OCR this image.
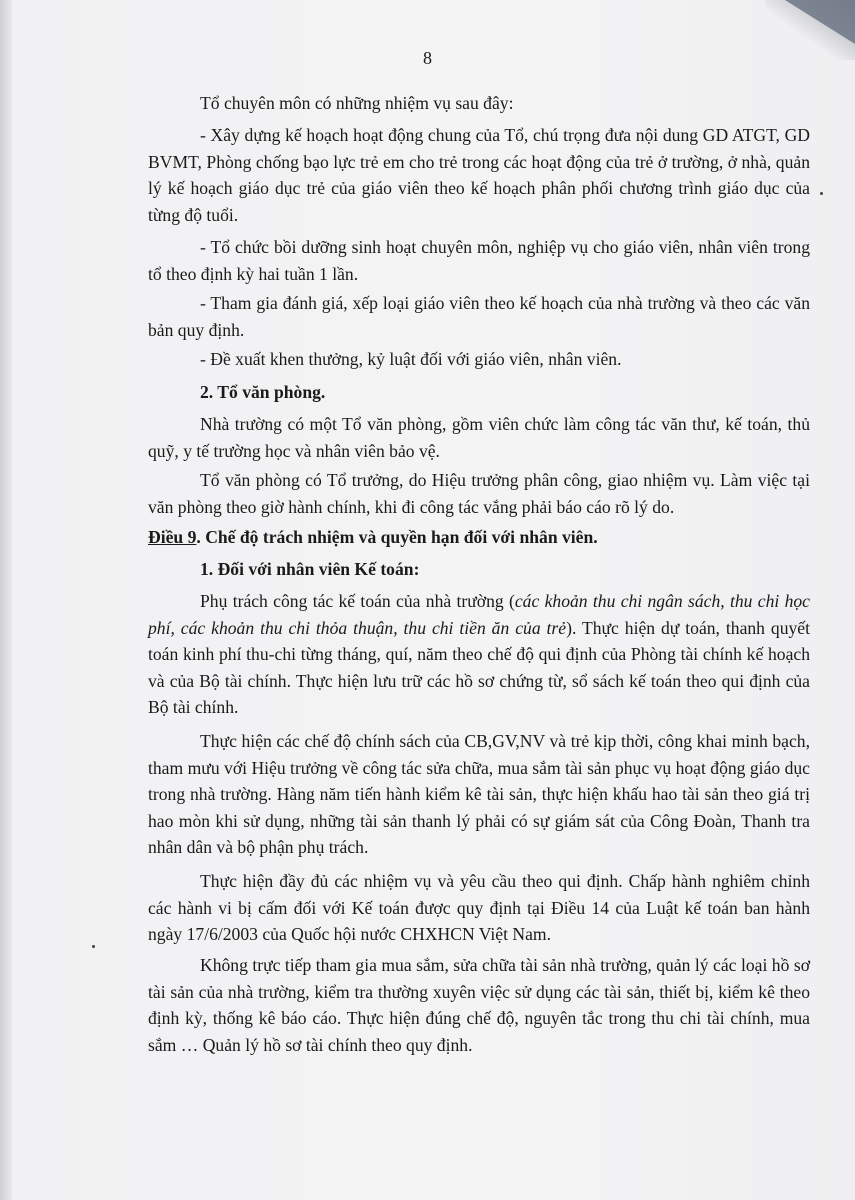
8

Tổ chuyên môn có những nhiệm vụ sau đây:

- Xây dựng kế hoạch hoạt động chung của Tổ, chú trọng đưa nội dung GD ATGT, GD BVMT, Phòng chống bạo lực trẻ em cho trẻ trong các hoạt động của trẻ ở trường, ở nhà, quản lý kế hoạch giáo dục trẻ của giáo viên theo kế hoạch phân phối chương trình giáo dục của từng độ tuổi.

- Tổ chức bồi dưỡng sinh hoạt chuyên môn, nghiệp vụ cho giáo viên, nhân viên trong tổ theo định kỳ hai tuần 1 lần.

- Tham gia đánh giá, xếp loại giáo viên theo kế hoạch của nhà trường và theo các văn bản quy định.

- Đề xuất khen thưởng, kỷ luật đối với giáo viên, nhân viên.

2. Tổ văn phòng.

Nhà trường có một Tổ văn phòng, gồm viên chức làm công tác văn thư, kế toán, thủ quỹ, y tế trường học và nhân viên bảo vệ.

Tổ văn phòng có Tổ trưởng, do Hiệu trưởng phân công, giao nhiệm vụ. Làm việc tại văn phòng theo giờ hành chính, khi đi công tác vắng phải báo cáo rõ lý do.

Điều 9. Chế độ trách nhiệm và quyền hạn đối với nhân viên.

1. Đối với nhân viên Kế toán:

Phụ trách công tác kế toán của nhà trường (các khoản thu chi ngân sách, thu chi học phí, các khoản thu chi thỏa thuận, thu chi tiền ăn của trẻ). Thực hiện dự toán, thanh quyết toán kinh phí thu-chi từng tháng, quí, năm theo chế độ qui định của Phòng tài chính kế hoạch và của Bộ tài chính. Thực hiện lưu trữ các hồ sơ chứng từ, sổ sách kế toán theo qui định của Bộ tài chính.

Thực hiện các chế độ chính sách của CB,GV,NV và trẻ kịp thời, công khai minh bạch, tham mưu với Hiệu trưởng về công tác sửa chữa, mua sắm tài sản phục vụ hoạt động giáo dục trong nhà trường. Hàng năm tiến hành kiểm kê tài sản, thực hiện khấu hao tài sản theo giá trị hao mòn khi sử dụng, những tài sản thanh lý phải có sự giám sát của Công Đoàn, Thanh tra nhân dân và bộ phận phụ trách.

Thực hiện đầy đủ các nhiệm vụ và yêu cầu theo qui định. Chấp hành nghiêm chỉnh các hành vi bị cấm đối với Kế toán được quy định tại Điều 14 của Luật kế toán ban hành ngày 17/6/2003 của Quốc hội nước CHXHCN Việt Nam.

Không trực tiếp tham gia mua sắm, sửa chữa tài sản nhà trường, quản lý các loại hồ sơ tài sản của nhà trường, kiểm tra thường xuyên việc sử dụng các tài sản, thiết bị, kiểm kê theo định kỳ, thống kê báo cáo. Thực hiện đúng chế độ, nguyên tắc trong thu chi tài chính, mua sắm … Quản lý hồ sơ tài chính theo quy định.
